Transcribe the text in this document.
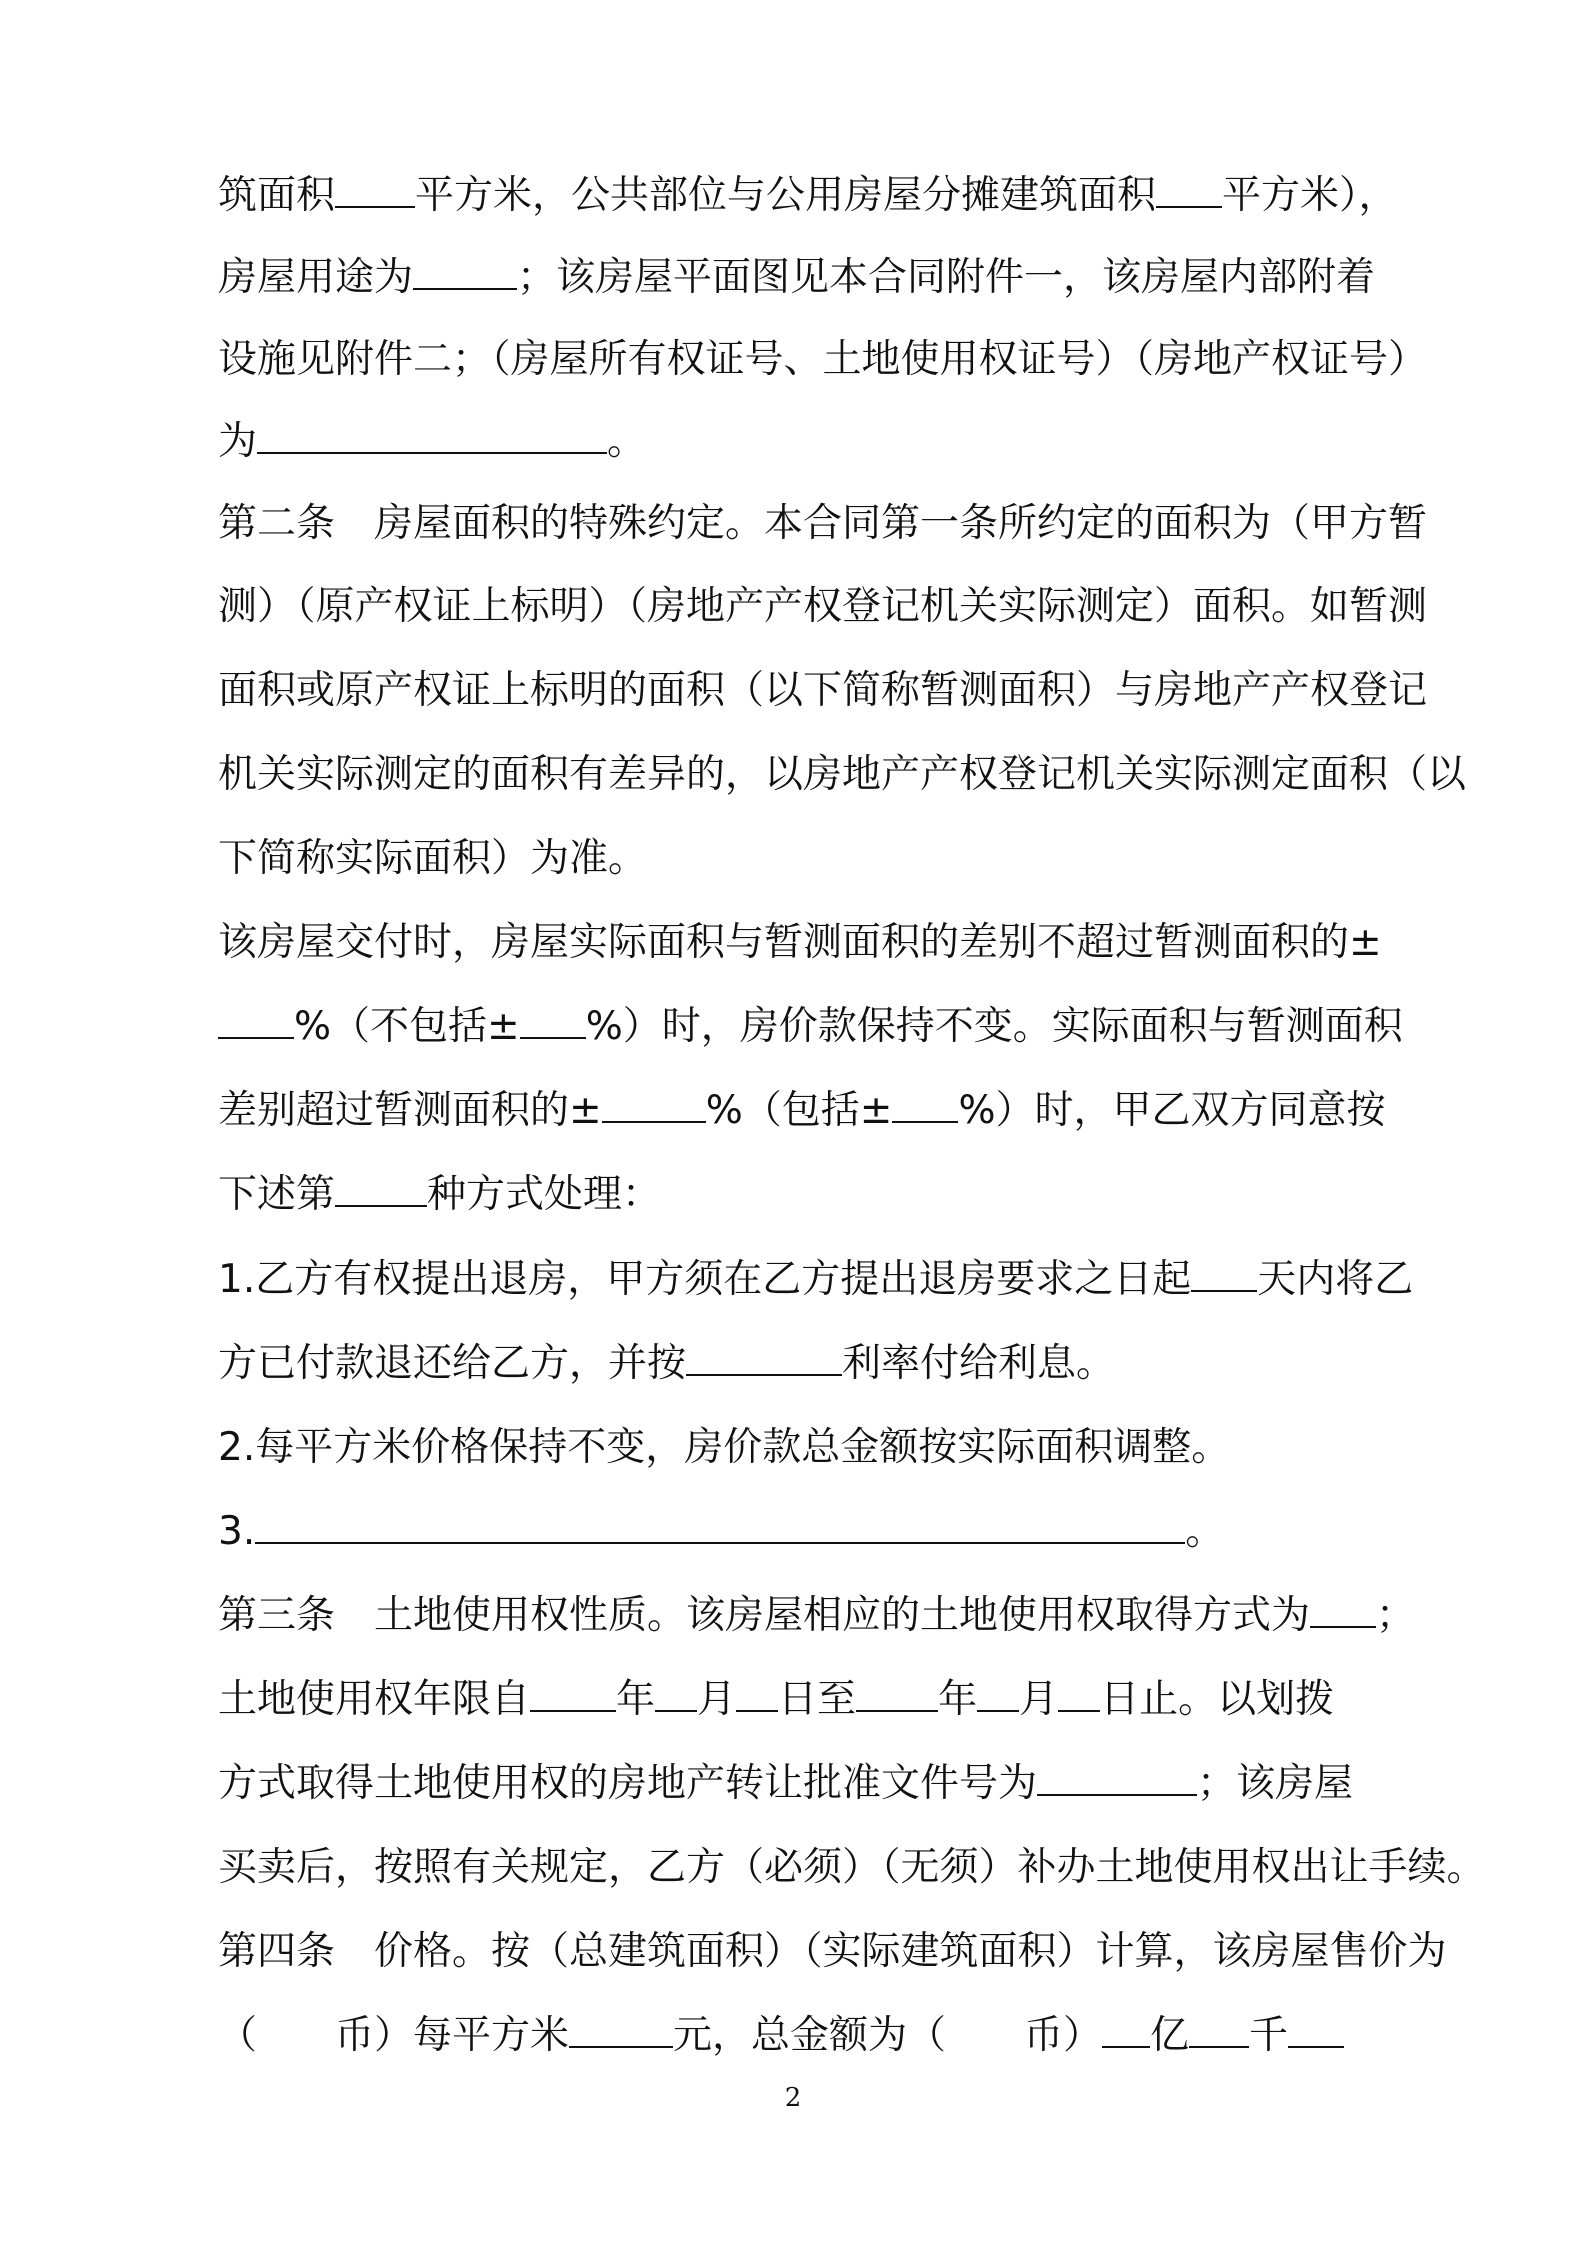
筑面积 平方米，公共部位与公用房屋分摊建筑面积 平方米），
房屋用途为	；该房屋平面图见本合同附件一，该房屋内部附着
设施见附件二；（房屋所有权证号、土地使用权证号）（房地产权证号）
为	。
第二条　房屋面积的特殊约定。本合同第一条所约定的面积为（甲方暂
测）（原产权证上标明）（房地产产权登记机关实际测定）面积。如暂测
面积或原产权证上标明的面积（以下简称暂测面积）与房地产产权登记
机关实际测定的面积有差异的，以房地产产权登记机关实际测定面积（以
下简称实际面积）为准。
该房屋交付时，房屋实际面积与暂测面积的差别不超过暂测面积的±
%（不包括± %）时，房价款保持不变。实际面积与暂测面积
差别超过暂测面积的±	%（包括± %）时，甲乙双方同意按
下述第 种方式处理：
1.乙方有权提出退房，甲方须在乙方提出退房要求之日起 天内将乙
方已付款退还给乙方，并按	利率付给利息。
2.每平方米价格保持不变，房价款总金额按实际面积调整。
3.	。
第三条　土地使用权性质。该房屋相应的土地使用权取得方式为 ；
土地使用权年限自 年 月 日至 年 月 日止。以划拨
方式取得土地使用权的房地产转让批准文件号为	；该房屋
买卖后，按照有关规定，乙方（必须）（无须）补办土地使用权出让手续。
第四条　价格。按（总建筑面积）（实际建筑面积）计算，该房屋售价为
（　　币）每平方米	元，总金额为（　　币） 亿 千
2
